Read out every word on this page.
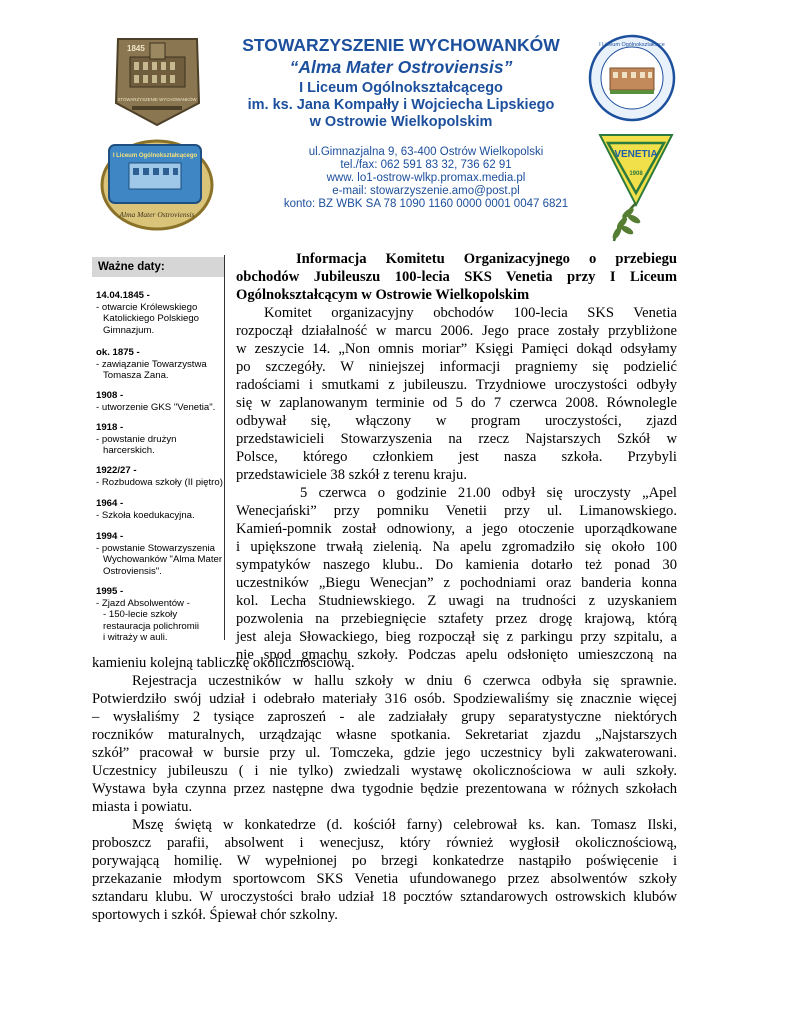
1845
STOWARZYSZENIE WYCHOWANKÓW
I Liceum Ogólnokształcącego
Alma Mater Ostroviensis
I Liceum Ogólnokształcące
VENETIA
1908
STOWARZYSZENIE WYCHOWANKÓW
“Alma Mater Ostroviensis”
I Liceum Ogólnokształcącego
im. ks. Jana Kompałły i Wojciecha Lipskiego
w Ostrowie Wielkopolskim
ul.Gimnazjalna 9, 63-400 Ostrów Wielkopolski
tel./fax: 062 591 83 32, 736 62 91
www. lo1-ostrow-wlkp.promax.media.pl
e-mail: stowarzyszenie.amo@post.pl
konto: BZ WBK SA 78 1090 1160 0000 0001 0047 6821
Ważne daty:
14.04.1845 -
- otwarcie Królewskiego
Katolickiego Polskiego
Gimnazjum.
ok. 1875 -
- zawiązanie Towarzystwa
Tomasza Zana.
1908 -
- utworzenie GKS "Venetia".
1918 -
- powstanie drużyn
harcerskich.
1922/27 -
- Rozbudowa szkoły (II piętro)
1964 -
- Szkoła koedukacyjna.
1994 -
- powstanie Stowarzyszenia
Wychowanków "Alma Mater
Ostroviensis".
1995 -
- Zjazd Absolwentów -
- 150-lecie szkoły
restauracja polichromii
i witraży w auli.
Informacja Komitetu Organizacyjnego o przebiegu
obchodów Jubileuszu 100-lecia SKS Venetia przy I Liceum
Ogólnokształcącym w Ostrowie Wielkopolskim
Komitet organizacyjny obchodów 100-lecia SKS Venetia
rozpoczął działalność w marcu 2006. Jego prace zostały przybliżone
w zeszycie 14. „Non omnis moriar” Księgi Pamięci dokąd odsyłamy
po szczegóły. W niniejszej informacji pragniemy się podzielić
radościami i smutkami z jubileuszu. Trzydniowe uroczystości odbyły
się w zaplanowanym terminie od 5 do 7 czerwca 2008. Równolegle
odbywał się, włączony w program uroczystości, zjazd
przedstawicieli Stowarzyszenia na rzecz Najstarszych Szkół w
Polsce, którego członkiem jest nasza szkoła. Przybyli
przedstawiciele 38 szkół z terenu kraju.
5 czerwca o godzinie 21.00 odbył się uroczysty „Apel
Wenecjański” przy pomniku Venetii przy ul. Limanowskiego.
Kamień-pomnik został odnowiony, a jego otoczenie uporządkowane
i upiększone trwałą zielenią. Na apelu zgromadziło się około 100
sympatyków naszego klubu.. Do kamienia dotarło też ponad 30
uczestników „Biegu Wenecjan” z pochodniami oraz banderia konna
kol. Lecha Studniewskiego. Z uwagi na trudności z uzyskaniem
pozwolenia na przebiegnięcie sztafety przez drogę krajową, którą
jest aleja Słowackiego, bieg rozpoczął się z parkingu przy szpitalu, a
nie spod gmachu szkoły. Podczas apelu odsłonięto umieszczoną na
kamieniu kolejną tabliczkę okolicznościową.
Rejestracja uczestników w hallu szkoły w dniu 6 czerwca odbyła się sprawnie.
Potwierdziło swój udział i odebrało materiały 316 osób. Spodziewaliśmy się znacznie więcej
– wysłaliśmy 2 tysiące zaproszeń - ale zadziałały grupy separatystyczne niektórych
roczników maturalnych, urządzając własne spotkania. Sekretariat zjazdu „Najstarszych
szkół” pracował w bursie przy ul. Tomczeka, gdzie jego uczestnicy byli zakwaterowani.
Uczestnicy jubileuszu ( i nie tylko) zwiedzali wystawę okolicznościowa w auli szkoły.
Wystawa była czynna przez następne dwa tygodnie będzie prezentowana w różnych szkołach
miasta i powiatu.
Mszę świętą w konkatedrze (d. kościół farny) celebrował ks. kan. Tomasz Ilski,
proboszcz parafii, absolwent i wenecjusz, który również wygłosił okolicznościową,
porywającą homilię. W wypełnionej po brzegi konkatedrze nastąpiło poświęcenie i
przekazanie młodym sportowcom SKS Venetia ufundowanego przez absolwentów szkoły
sztandaru klubu. W uroczystości brało udział 18 pocztów sztandarowych ostrowskich klubów
sportowych i szkół. Śpiewał chór szkolny.
